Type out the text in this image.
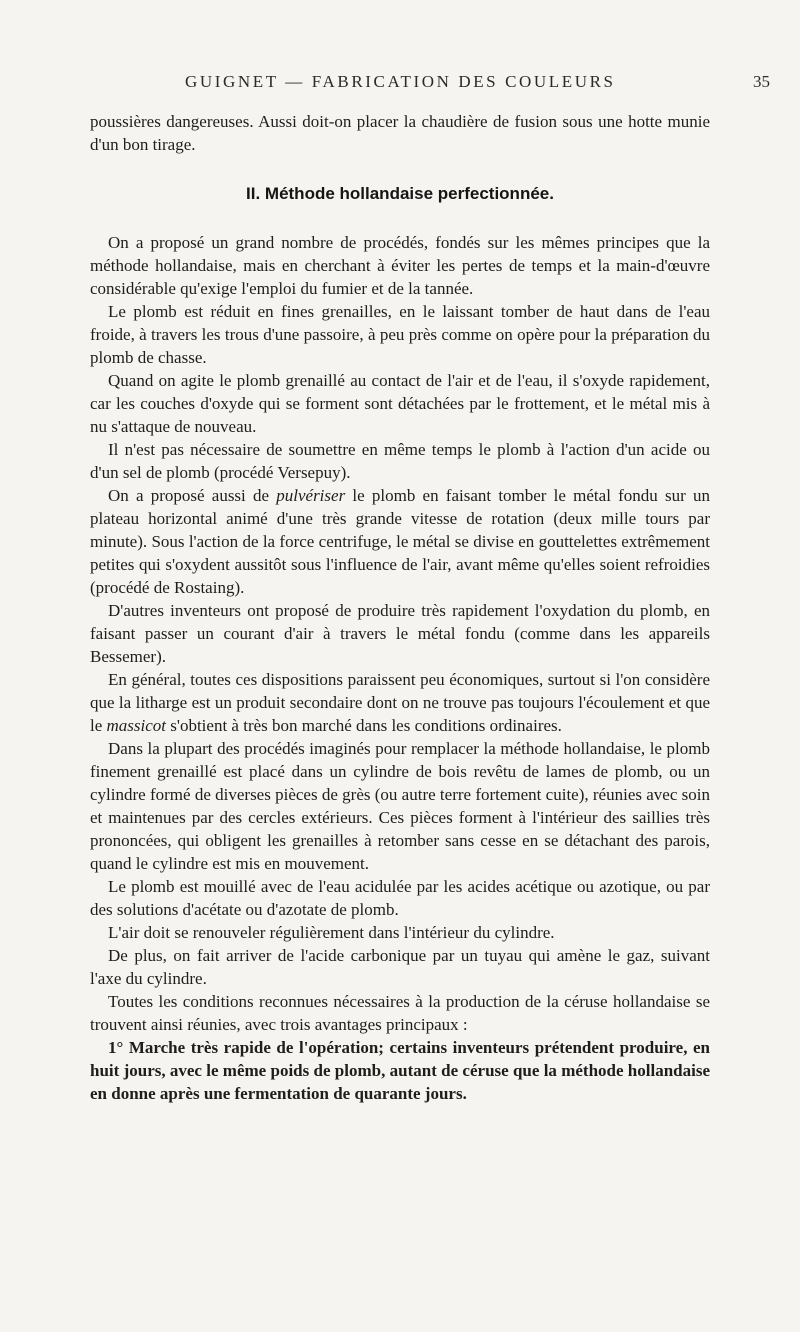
GUIGNET — FABRICATION DES COULEURS	35

poussières dangereuses. Aussi doit-on placer la chaudière de fusion sous une hotte munie d'un bon tirage.

II. Méthode hollandaise perfectionnée.

On a proposé un grand nombre de procédés, fondés sur les mêmes principes que la méthode hollandaise, mais en cherchant à éviter les pertes de temps et la main-d'œuvre considérable qu'exige l'emploi du fumier et de la tannée.

Le plomb est réduit en fines grenailles, en le laissant tomber de haut dans de l'eau froide, à travers les trous d'une passoire, à peu près comme on opère pour la préparation du plomb de chasse.

Quand on agite le plomb grenaillé au contact de l'air et de l'eau, il s'oxyde rapidement, car les couches d'oxyde qui se forment sont détachées par le frottement, et le métal mis à nu s'attaque de nouveau.

Il n'est pas nécessaire de soumettre en même temps le plomb à l'action d'un acide ou d'un sel de plomb (procédé Versepuy).

On a proposé aussi de pulvériser le plomb en faisant tomber le métal fondu sur un plateau horizontal animé d'une très grande vitesse de rotation (deux mille tours par minute). Sous l'action de la force centrifuge, le métal se divise en gouttelettes extrêmement petites qui s'oxydent aussitôt sous l'influence de l'air, avant même qu'elles soient refroidies (procédé de Rostaing).

D'autres inventeurs ont proposé de produire très rapidement l'oxydation du plomb, en faisant passer un courant d'air à travers le métal fondu (comme dans les appareils Bessemer).

En général, toutes ces dispositions paraissent peu économiques, surtout si l'on considère que la litharge est un produit secondaire dont on ne trouve pas toujours l'écoulement et que le massicot s'obtient à très bon marché dans les conditions ordinaires.

Dans la plupart des procédés imaginés pour remplacer la méthode hollandaise, le plomb finement grenaillé est placé dans un cylindre de bois revêtu de lames de plomb, ou un cylindre formé de diverses pièces de grès (ou autre terre fortement cuite), réunies avec soin et maintenues par des cercles extérieurs. Ces pièces forment à l'intérieur des saillies très prononcées, qui obligent les grenailles à retomber sans cesse en se détachant des parois, quand le cylindre est mis en mouvement.

Le plomb est mouillé avec de l'eau acidulée par les acides acétique ou azotique, ou par des solutions d'acétate ou d'azotate de plomb.

L'air doit se renouveler régulièrement dans l'intérieur du cylindre.

De plus, on fait arriver de l'acide carbonique par un tuyau qui amène le gaz, suivant l'axe du cylindre.

Toutes les conditions reconnues nécessaires à la production de la céruse hollandaise se trouvent ainsi réunies, avec trois avantages principaux :

1° Marche très rapide de l'opération; certains inventeurs prétendent produire, en huit jours, avec le même poids de plomb, autant de céruse que la méthode hollandaise en donne après une fermentation de quarante jours.
